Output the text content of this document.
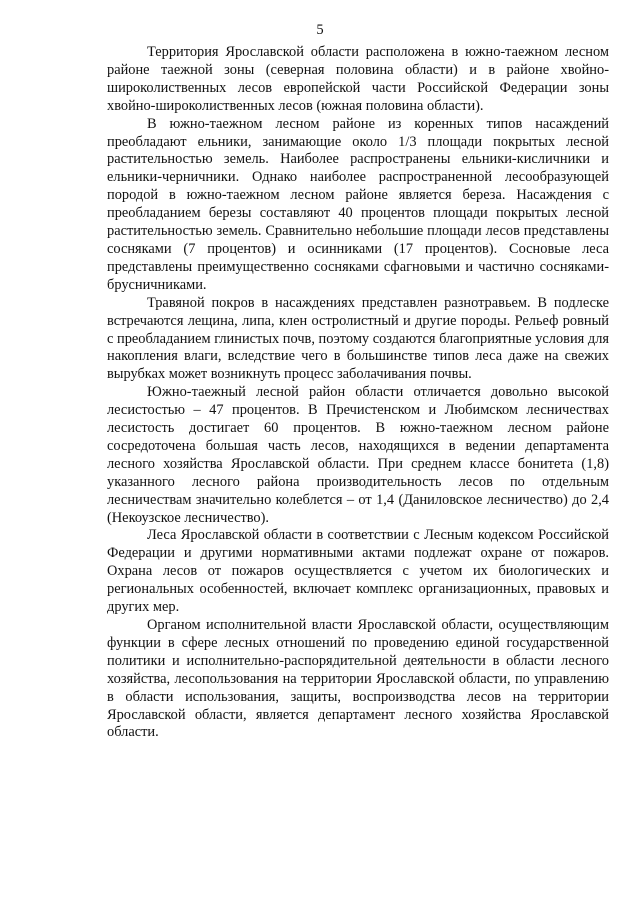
5

Территория Ярославской области расположена в южно-таежном лесном районе таежной зоны (северная половина области) и в районе хвойно-широколиственных лесов европейской части Российской Федерации зоны хвойно-широколиственных лесов (южная половина области).

В южно-таежном лесном районе из коренных типов насаждений преобладают ельники, занимающие около 1/3 площади покрытых лесной растительностью земель. Наиболее распространены ельники-кисличники и ельники-черничники. Однако наиболее распространенной лесообразующей породой в южно-таежном лесном районе является береза. Насаждения с преобладанием березы составляют 40 процентов площади покрытых лесной растительностью земель. Сравнительно небольшие площади лесов представлены сосняками (7 процентов) и осинниками (17 процентов). Сосновые леса представлены преимущественно сосняками сфагновыми и частично сосняками-брусничниками.

Травяной покров в насаждениях представлен разнотравьем. В подлеске встречаются лещина, липа, клен остролистный и другие породы. Рельеф ровный с преобладанием глинистых почв, поэтому создаются благоприятные условия для накопления влаги, вследствие чего в большинстве типов леса даже на свежих вырубках может возникнуть процесс заболачивания почвы.

Южно-таежный лесной район области отличается довольно высокой лесистостью – 47 процентов. В Пречистенском и Любимском лесничествах лесистость достигает 60 процентов. В южно-таежном лесном районе сосредоточена большая часть лесов, находящихся в ведении департамента лесного хозяйства Ярославской области. При среднем классе бонитета (1,8) указанного лесного района производительность лесов по отдельным лесничествам значительно колеблется – от 1,4 (Даниловское лесничество) до 2,4 (Некоузское лесничество).

Леса Ярославской области в соответствии с Лесным кодексом Российской Федерации и другими нормативными актами подлежат охране от пожаров. Охрана лесов от пожаров осуществляется с учетом их биологических и региональных особенностей, включает комплекс организационных, правовых и других мер.

Органом исполнительной власти Ярославской области, осуществляющим функции в сфере лесных отношений по проведению единой государственной политики и исполнительно-распорядительной деятельности в области лесного хозяйства, лесопользования на территории Ярославской области, по управлению в области использования, защиты, воспроизводства лесов на территории Ярославской области, является департамент лесного хозяйства Ярославской области.
